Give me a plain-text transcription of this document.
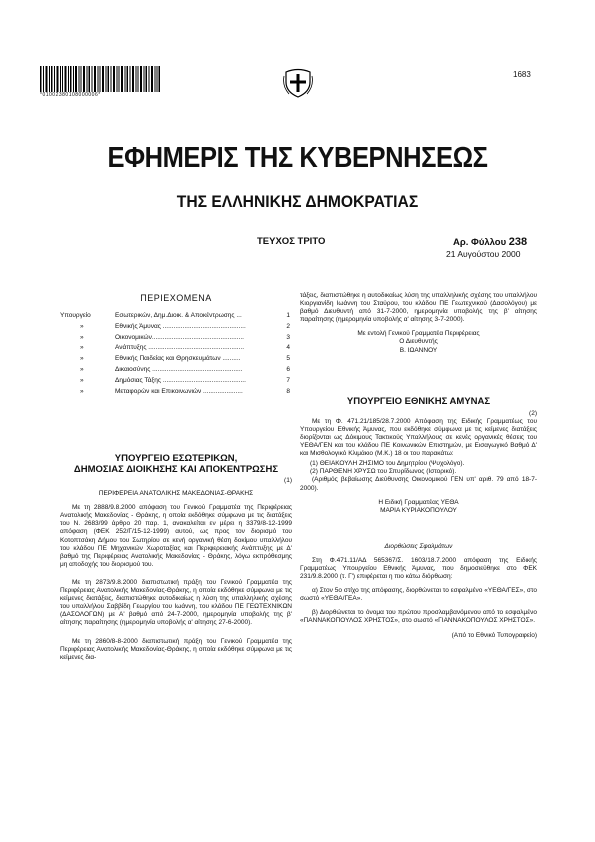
*01002380108000006*
1683
ΕΦΗΜΕΡΙΣ ΤΗΣ ΚΥΒΕΡΝΗΣΕΩΣ
ΤΗΣ ΕΛΛΗΝΙΚΗΣ ΔΗΜΟΚΡΑΤΙΑΣ
ΤΕΥΧΟΣ ΤΡΙΤΟ	Αρ. Φύλλου 238
21 Αυγούστου 2000
ΠΕΡΙΕΧΟΜΕΝΑ
Υπουργείο	Εσωτερικών, Δημ.Διοικ. & Αποκέντρωσης ...	1
»	Εθνικής Άμυνας ..............................................	2
»	Οικονομικών...................................................	3
»	Ανάπτυξης .....................................................	4
»	Εθνικής Παιδείας και Θρησκευμάτων ..........	5
»	Δικαιοσύνης ..................................................	6
»	Δημόσιας Τάξης ..............................................	7
»	Μεταφορών και Επικοινωνιών ......................	8
ΥΠΟΥΡΓΕΙΟ ΕΣΩΤΕΡΙΚΩΝ,
ΔΗΜΟΣΙΑΣ ΔΙΟΙΚΗΣΗΣ ΚΑΙ ΑΠΟΚΕΝΤΡΩΣΗΣ
(1)
ΠΕΡΙΦΕΡΕΙΑ ΑΝΑΤΟΛΙΚΗΣ ΜΑΚΕΔΟΝΙΑΣ-ΘΡΑΚΗΣ

Με τη 2888/9.8.2000 απόφαση του Γενικού Γραμματέα της Περιφέρειας Ανατολικής Μακεδονίας - Θράκης, η οποία εκδόθηκε σύμφωνα με τις διατάξεις του Ν. 2683/99 άρθρο 20 παρ. 1, ανακαλείται εν μέρει η 3379/8-12-1999 απόφαση (ΦΕΚ 252/Γ/15-12-1999) αυτού, ως προς τον διορισμό του Κοτοπτσάκη Δήμου του Σωτηρίου σε κενή οργανική θέση δοκίμου υπαλλήλου του κλάδου ΠΕ Μηχανικών Χωροταξίας και Περιφερειακής Ανάπτυξης με Δ' βαθμό της Περιφέρειας Ανατολικής Μακεδονίας - Θράκης, λόγω εκπρόθεσμης μη αποδοχής του διορισμού του.

Με τη 2873/9.8.2000 διαπιστωτική πράξη του Γενικού Γραμματέα της Περιφέρειας Ανατολικής Μακεδονίας-Θράκης, η οποία εκδόθηκε σύμφωνα με τις κείμενες διατάξεις, διαπιστώθηκε αυτοδικαίως η λύση της υπαλληλικής σχέσης του υπαλλήλου Σαββίδη Γεωργίου του Ιωάννη, του κλάδου ΠΕ ΓΕΩΤΕΧΝΙΚΩΝ (ΔΑΣΟΛΟΓΩΝ) με Α' βαθμό από 24-7-2000, ημερομηνία υποβολής της β' αίτησης παραίτησης (ημερομηνία υποβολής α' αίτησης 27-6-2000).

Με τη 2860/8-8-2000 διαπιστωτική πράξη του Γενικού Γραμματέα της Περιφέρειας Ανατολικής Μακεδονίας-Θράκης, η οποία εκδόθηκε σύμφωνα με τις κείμενες δια-

τάξεις, διαπιστώθηκε η αυτοδικαίως λύση της υπαλληλικής σχέσης του υπαλλήλου Κιοργιανίδη Ιωάννη του Σταύρου, του κλάδου ΠΕ Γεωτεχνικού (Δασολόγου) με βαθμό Διευθυντή από 31-7-2000, ημερομηνία υποβολής της β' αίτησης παραίτησης (ημερομηνία υποβολής α' αίτησης 3-7-2000).

Με εντολή Γενικού Γραμματέα Περιφέρειας
Ο Διευθυντής
Β. ΙΩΑΝΝΟΥ
ΥΠΟΥΡΓΕΙΟ ΕΘΝΙΚΗΣ ΑΜΥΝΑΣ
(2)

Με τη Φ. 471.21/185/28.7.2000 Απόφαση της Ειδικής Γραμματέως του Υπουργείου Εθνικής Άμυνας, που εκδόθηκε σύμφωνα με τις κείμενες διατάξεις διορίζονται ως Δόκιμους Τακτικούς Υπαλλήλους σε κενές οργανικές θέσεις του ΥΕΘΑ/ΓΕΝ και του κλάδου ΠΕ Κοινωνικών Επιστημών, με Εισαγωγικό Βαθμό Δ' και Μισθολογικό Κλιμάκιο (Μ.Κ.) 18 οι του παρακάτω:

(1) ΘΕΙΑΚΟΥΛΗ ΖΗΣΙΜΟ του Δημητρίου (Ψυχολόγο).
(2) ΠΑΡΘΕΝΗ ΧΡΥΣΩ του Σπυρίδωνος (Ιστορικό).

(Αριθμός βεβαίωσης Διεύθυνσης Οικονομικού ΓΕΝ υπ' αριθ. 79 από 18-7-2000).

Η Ειδική Γραμματέας ΥΕΘΑ
ΜΑΡΙΑ ΚΥΡΙΑΚΟΠΟΥΛΟΥ
Διορθώσεις Σφαλμάτων

Στη Φ.471.11/ΑΔ 565367/Σ. 1603/18.7.2000 απόφαση της Ειδικής Γραμματέως Υπουργείου Εθνικής Άμυνας, που δημοσιεύθηκε στο ΦΕΚ 231/9.8.2000 (τ. Γ') επιφέρεται η πιο κάτω διόρθωση:

α) Στον 5ο στίχο της απόφασης, διορθώνεται το εσφαλμένο «ΥΕΘΑ/ΓΕΣ», στο σωστό «ΥΕΘΑ/ΓΕΑ».

β) Διορθώνεται το όνομα του πρώτου προσλαμβανόμενου από το εσφαλμένο «ΠΑΝΝΑΚΟΠΟΥΛΟΣ ΧΡΗΣΤΟΣ», στο σωστό «ΓΙΑΝΝΑΚΟΠΟΥΛΟΣ ΧΡΗΣΤΟΣ».

(Από το Εθνικό Τυπογραφείο)
